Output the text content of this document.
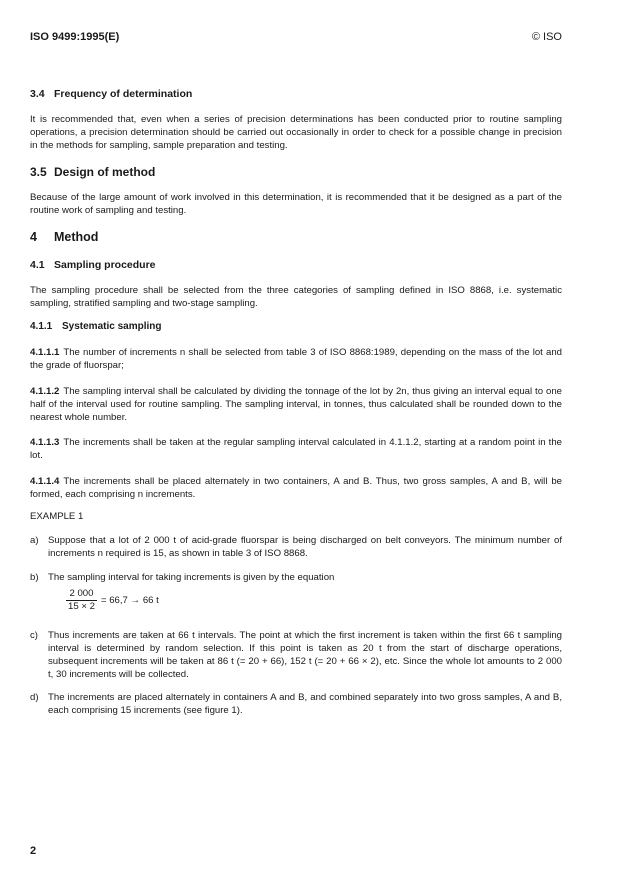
ISO 9499:1995(E)	© ISO
3.4 Frequency of determination
It is recommended that, even when a series of precision determinations has been conducted prior to routine sampling operations, a precision determination should be carried out occasionally in order to check for a possible change in precision in the methods for sampling, sample preparation and testing.
3.5 Design of method
Because of the large amount of work involved in this determination, it is recommended that it be designed as a part of the routine work of sampling and testing.
4 Method
4.1 Sampling procedure
The sampling procedure shall be selected from the three categories of sampling defined in ISO 8868, i.e. systematic sampling, stratified sampling and two-stage sampling.
4.1.1 Systematic sampling
4.1.1.1 The number of increments n shall be selected from table 3 of ISO 8868:1989, depending on the mass of the lot and the grade of fluorspar;
4.1.1.2 The sampling interval shall be calculated by dividing the tonnage of the lot by 2n, thus giving an interval equal to one half of the interval used for routine sampling. The sampling interval, in tonnes, thus calculated shall be rounded down to the nearest whole number.
4.1.1.3 The increments shall be taken at the regular sampling interval calculated in 4.1.1.2, starting at a random point in the lot.
4.1.1.4 The increments shall be placed alternately in two containers, A and B. Thus, two gross samples, A and B, will be formed, each comprising n increments.
EXAMPLE 1
a) Suppose that a lot of 2 000 t of acid-grade fluorspar is being discharged on belt conveyors. The minimum number of increments n required is 15, as shown in table 3 of ISO 8868.
b) The sampling interval for taking increments is given by the equation
$\frac{2 000}{15 \times 2} = 66,7 \to 66$ t
c) Thus increments are taken at 66 t intervals. The point at which the first increment is taken within the first 66 t sampling interval is determined by random selection. If this point is taken as 20 t from the start of discharge operations, subsequent increments will be taken at 86 t (= 20 + 66), 152 t (= 20 + 66 × 2), etc. Since the whole lot amounts to 2 000 t, 30 increments will be collected.
d) The increments are placed alternately in containers A and B, and combined separately into two gross samples, A and B, each comprising 15 increments (see figure 1).
2
